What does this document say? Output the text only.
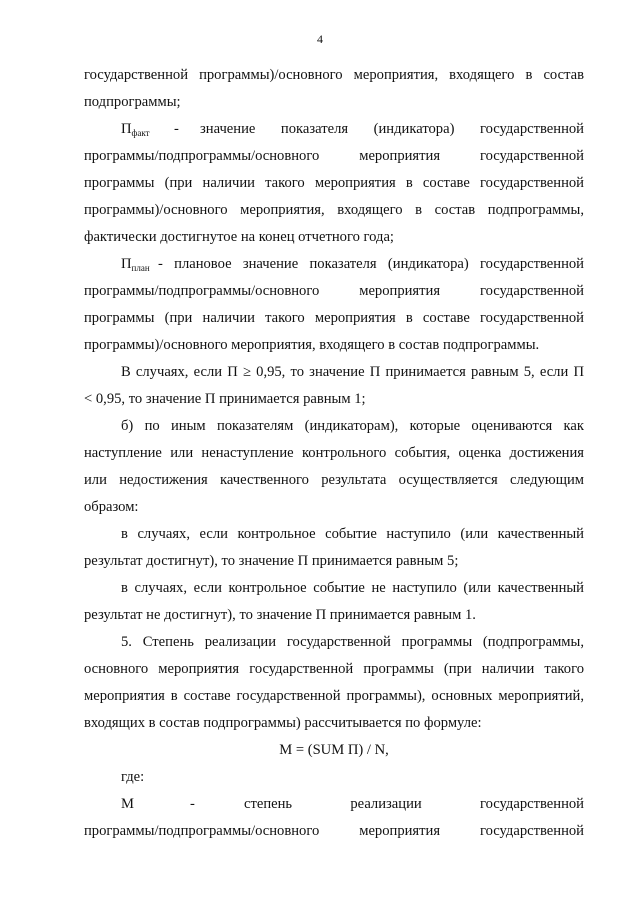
4
государственной программы)/основного мероприятия, входящего в состав
подпрограммы;
$П_{факт}$	-	значение показателя (индикатора) государственной
программы/подпрограммы/основного мероприятия государственной
программы (при наличии такого мероприятия в составе государственной
программы)/основного мероприятия, входящего в состав подпрограммы,
фактически достигнутое на конец отчетного года;
$П_{план}$ - плановое значение показателя (индикатора) государственной
программы/подпрограммы/основного мероприятия государственной
программы (при наличии такого мероприятия в составе государственной
программы)/основного мероприятия, входящего в состав подпрограммы.
В случаях, если П ≥ 0,95, то значение П принимается равным 5, если П
< 0,95, то значение П принимается равным 1;
б) по иным показателям (индикаторам), которые оцениваются как
наступление или ненаступление контрольного события, оценка достижения
или недостижения качественного результата осуществляется следующим
образом:
в случаях, если контрольное событие наступило (или качественный
результат достигнут), то значение П принимается равным 5;
в случаях, если контрольное событие не наступило (или качественный
результат не достигнут), то значение П принимается равным 1.
5. Степень реализации государственной программы (подпрограммы,
основного мероприятия государственной программы (при наличии такого
мероприятия в составе государственной программы), основных мероприятий,
входящих в состав подпрограммы) рассчитывается по формуле:
M = (SUM П) / N,
где:
M	-	степень реализации государственной
программы/подпрограммы/основного мероприятия государственной
